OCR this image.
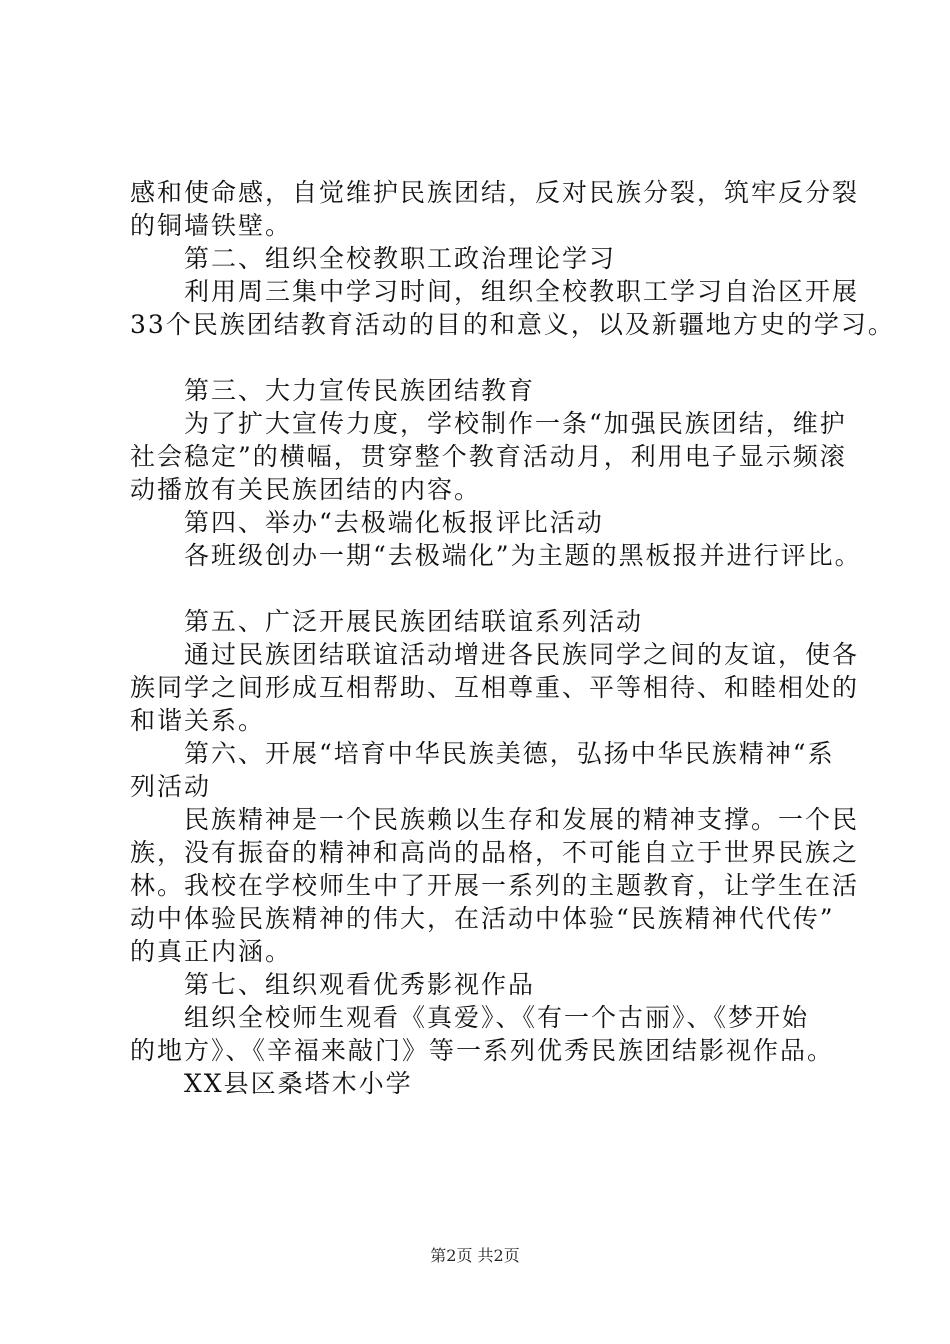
感和使命感，自觉维护民族团结，反对民族分裂，筑牢反分裂
的铜墙铁壁。
　　第二、组织全校教职工政治理论学习
　　利用周三集中学习时间，组织全校教职工学习自治区开展
33个民族团结教育活动的目的和意义，以及新疆地方史的学习。
　　第三、大力宣传民族团结教育
　　为了扩大宣传力度，学校制作一条“加强民族团结，维护
社会稳定”的横幅，贯穿整个教育活动月，利用电子显示频滚
动播放有关民族团结的内容。
　　第四、举办“去极端化板报评比活动
　　各班级创办一期“去极端化”为主题的黑板报并进行评比。
　　第五、广泛开展民族团结联谊系列活动
　　通过民族团结联谊活动增进各民族同学之间的友谊，使各
族同学之间形成互相帮助、互相尊重、平等相待、和睦相处的
和谐关系。
　　第六、开展“培育中华民族美德，弘扬中华民族精神“系
列活动
　　民族精神是一个民族赖以生存和发展的精神支撑。一个民
族，没有振奋的精神和高尚的品格，不可能自立于世界民族之
林。我校在学校师生中了开展一系列的主题教育，让学生在活
动中体验民族精神的伟大，在活动中体验“民族精神代代传”
的真正内涵。
　　第七、组织观看优秀影视作品
　　组织全校师生观看《真爱》、《有一个古丽》、《梦开始
的地方》、《辛福来敲门》等一系列优秀民族团结影视作品。
　　XX县区桑塔木小学
第2页 共2页
